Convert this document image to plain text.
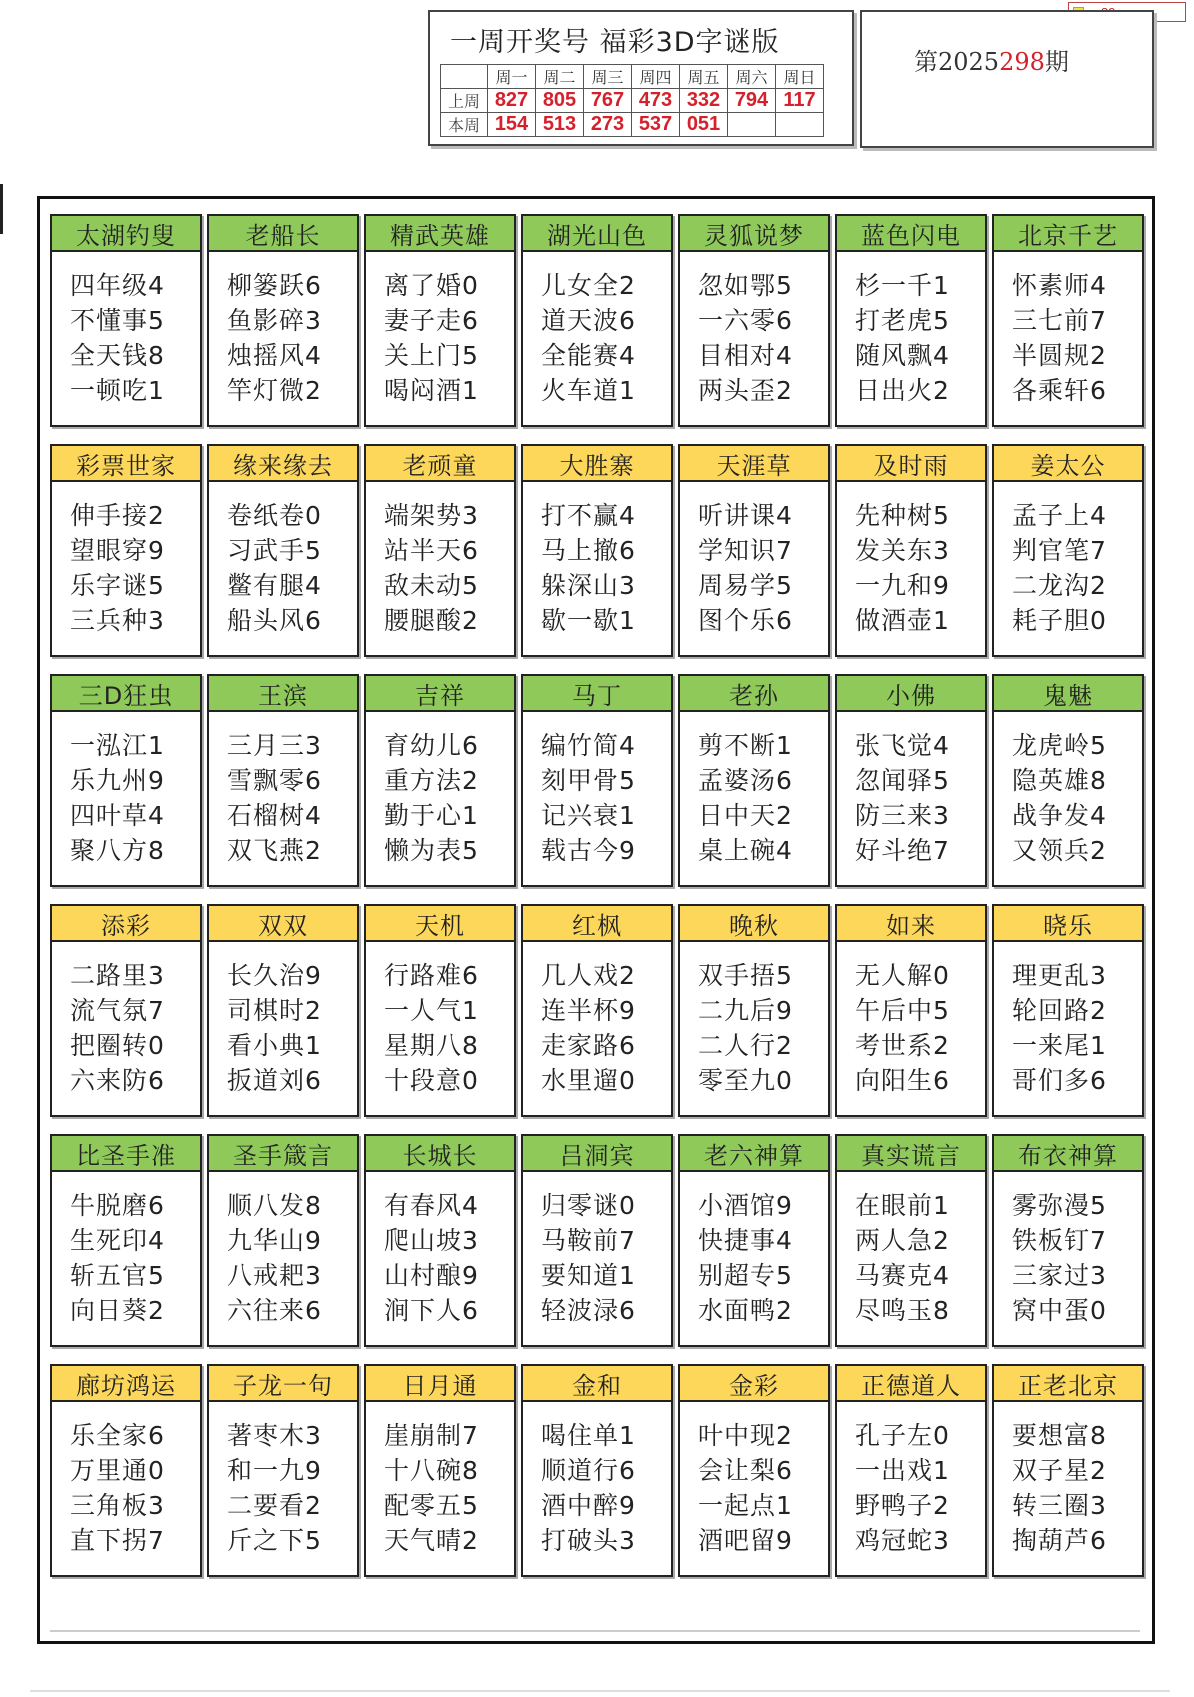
一周开奖号 福彩3D字谜版
	周一	周二	周三	周四	周五	周六	周日
上周	827	805	767	473	332	794	117
本周	154	513	273	537	051		
第2025298期
太湖钓叟
四年级4
不懂事5
全天钱8
一顿吃1
老船长
柳篓跃6
鱼影碎3
烛摇风4
竿灯微2
精武英雄
离了婚0
妻子走6
关上门5
喝闷酒1
湖光山色
儿女全2
道天波6
全能赛4
火车道1
灵狐说梦
忽如鄂5
一六零6
目相对4
两头歪2
蓝色闪电
杉一千1
打老虎5
随风飘4
日出火2
北京千艺
怀素师4
三七前7
半圆规2
各乘轩6
彩票世家
伸手接2
望眼穿9
乐字谜5
三兵种3
缘来缘去
卷纸卷0
习武手5
鳖有腿4
船头风6
老顽童
端架势3
站半天6
敌未动5
腰腿酸2
大胜寨
打不赢4
马上撤6
躲深山3
歇一歇1
天涯草
听讲课4
学知识7
周易学5
图个乐6
及时雨
先种树5
发关东3
一九和9
做酒壶1
姜太公
孟子上4
判官笔7
二龙沟2
耗子胆0
三D狂虫
一泓江1
乐九州9
四叶草4
聚八方8
王滨
三月三3
雪飘零6
石榴树4
双飞燕2
吉祥
育幼儿6
重方法2
勤于心1
懒为表5
马丁
编竹简4
刻甲骨5
记兴衰1
载古今9
老孙
剪不断1
孟婆汤6
日中天2
桌上碗4
小佛
张飞觉4
忽闻驿5
防三来3
好斗绝7
鬼魅
龙虎岭5
隐英雄8
战争发4
又领兵2
添彩
二路里3
流气氛7
把圈转0
六来防6
双双
长久治9
司棋时2
看小典1
扳道刘6
天机
行路难6
一人气1
星期八8
十段意0
红枫
几人戏2
连半杯9
走家路6
水里遛0
晚秋
双手捂5
二九后9
二人行2
零至九0
如来
无人解0
午后中5
考世系2
向阳生6
晓乐
理更乱3
轮回路2
一来尾1
哥们多6
比圣手准
牛脱磨6
生死印4
斩五官5
向日葵2
圣手箴言
顺八发8
九华山9
八戒耙3
六往来6
长城长
有春风4
爬山坡3
山村酿9
涧下人6
吕洞宾
归零谜0
马鞍前7
要知道1
轻波渌6
老六神算
小酒馆9
快捷事4
别超专5
水面鸭2
真实谎言
在眼前1
两人急2
马赛克4
尽鸣玉8
布衣神算
雾弥漫5
铁板钉7
三家过3
窝中蛋0
廊坊鸿运
乐全家6
万里通0
三角板3
直下拐7
子龙一句
著枣木3
和一九9
二要看2
斤之下5
日月通
崖崩制7
十八碗8
配零五5
天气晴2
金和
喝住单1
顺道行6
酒中醉9
打破头3
金彩
叶中现2
会让梨6
一起点1
酒吧留9
正德道人
孔子左0
一出戏1
野鸭子2
鸡冠蛇3
正老北京
要想富8
双子星2
转三圈3
掏葫芦6
